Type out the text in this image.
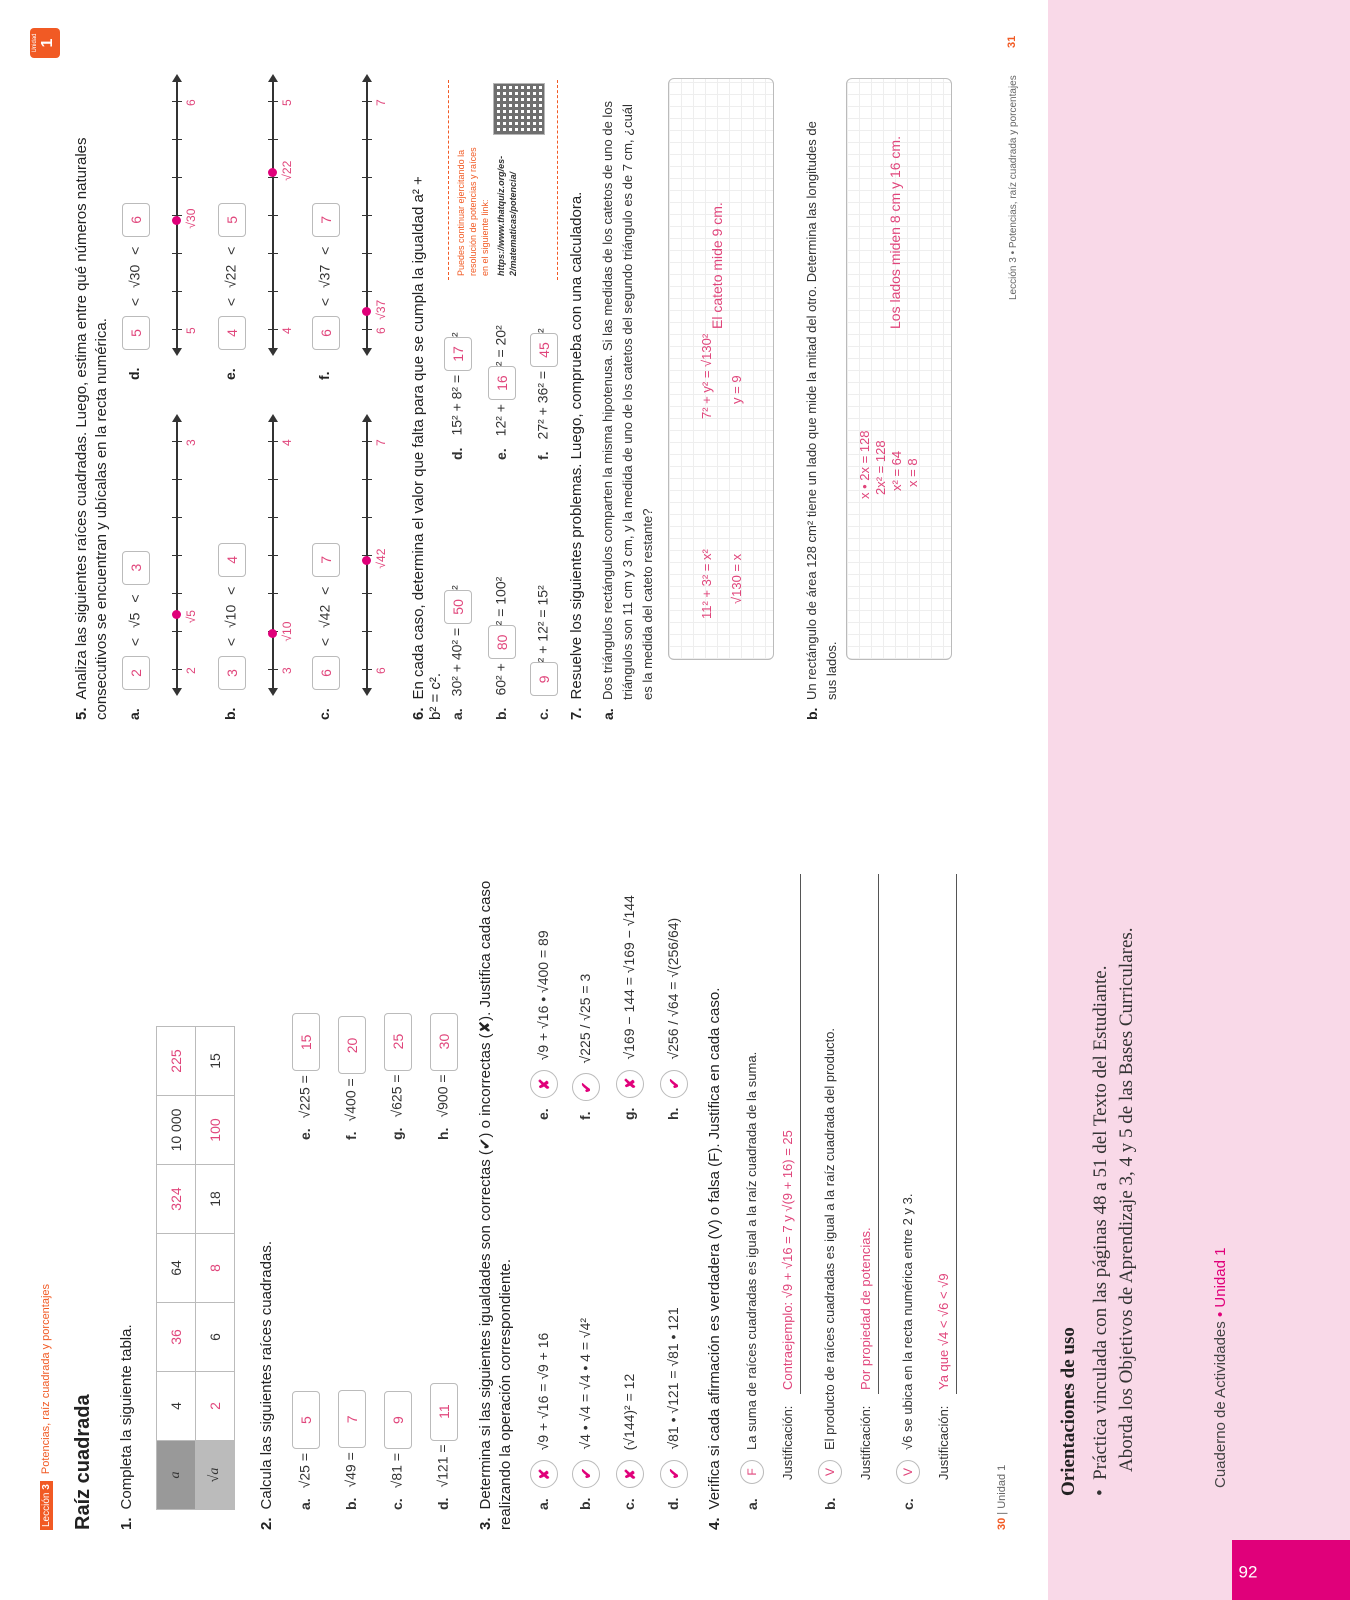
Unidad 1
5.Analiza las siguientes raíces cuadradas. Luego, estima entre qué números naturales consecutivos se encuentran y ubícalas en la recta numérica. a.
2 < √5 < 3
2
3
√5
b.
3 < √10 < 4
3
4
√10
c.
6 < √42 < 7
6
7
√42
d.
5 < √30 < 6
5
6
√30
e.
4 < √22 < 5
4
5
√22
f.
6 < √37 < 7
6
7
√37
6.En cada caso, determina el valor que falta para que se cumpla la igualdad a² + b² = c². a.30² + 40² = 50²
b.60² + 80² = 100²
c.9² + 12² = 15²
d.15² + 8² = 17²
e.12² + 16² = 20²
f.27² + 36² = 45²
Puedes continuar ejercitando la resolución de potencias y raíces en el siguiente link: https://www.thatquiz.org/es-2/matematicas/potencia/
7.Resuelve los siguientes problemas. Luego, comprueba con una calculadora.
a.
Dos triángulos rectángulos comparten la misma hipotenusa. Si las medidas de los catetos de uno de los triángulos son 11 cm y 3 cm, y la medida de uno de los catetos del segundo triángulo es de 7 cm, ¿cuál es la medida del cateto restante?	11² + 3² = x² √130 = x
7² + y² = √130² y = 9
El cateto mide 9 cm.	Lección 3 • Potencias, raíz cuadrada y porcentajes
31
b.
Un rectángulo de área 128 cm² tiene un lado que mide la mitad del otro. Determina las longitudes de sus lados.
x • 2x = 128 2x² = 128 x² = 64 x = 8
Los lados miden 8 cm y 16 cm.
Lección 3 Potencias, raíz cuadrada y porcentajes Raíz cuadrada 1.Completa la siguiente tabla. a	4	36	64	324	10 000	225
√a	2	6	8	18	100	15
2.Calcula las siguientes raíces cuadradas.	a.√25 = 5
b.√49 = 7
c.√81 = 9
d.√121 = 11
e.√225 = 15
f.√400 = 20
g.√625 = 25
h.√900 = 30
3.Determina si las siguientes igualdades son correctas (✔) o incorrectas (✘). Justifica cada caso realizando la operación correspondiente.	a.✘√9 + √16 = √9 + 16
b.✔√4 • √4 = √4 • 4 = √4²
c.✘(√144)² = 12
d.✔√81 • √121 = √81 • 121
e.✘√9 + √16 • √400 = 89
f.✔√225 / √25 = 3
g.✘√169 − 144 = √169 − √144
h.✔√256 / √64 = √(256/64)
4.Verifica si cada afirmación es verdadera (V) o falsa (F). Justifica en cada caso. a.
F
La suma de raíces cuadradas es igual a la raíz cuadrada de la suma. Justificación:
Contraejemplo: √9 + √16 = 7 y √(9 + 16) = 25
b.
V
El producto de raíces cuadradas es igual a la raíz cuadrada del producto. Justificación:
Por propiedad de potencias.
c.
V
√6 se ubica en la recta numérica entre 2 y 3. Justificación:
Ya que √4 < √6 < √9
30 | Unidad 1	Orientaciones de uso •  Práctica vinculada con las páginas 48 a 51 del Texto del Estudiante. Aborda los Objetivos de Aprendizaje 3, 4 y 5 de las Bases Curriculares.	Cuaderno de Actividades • Unidad 1
92
